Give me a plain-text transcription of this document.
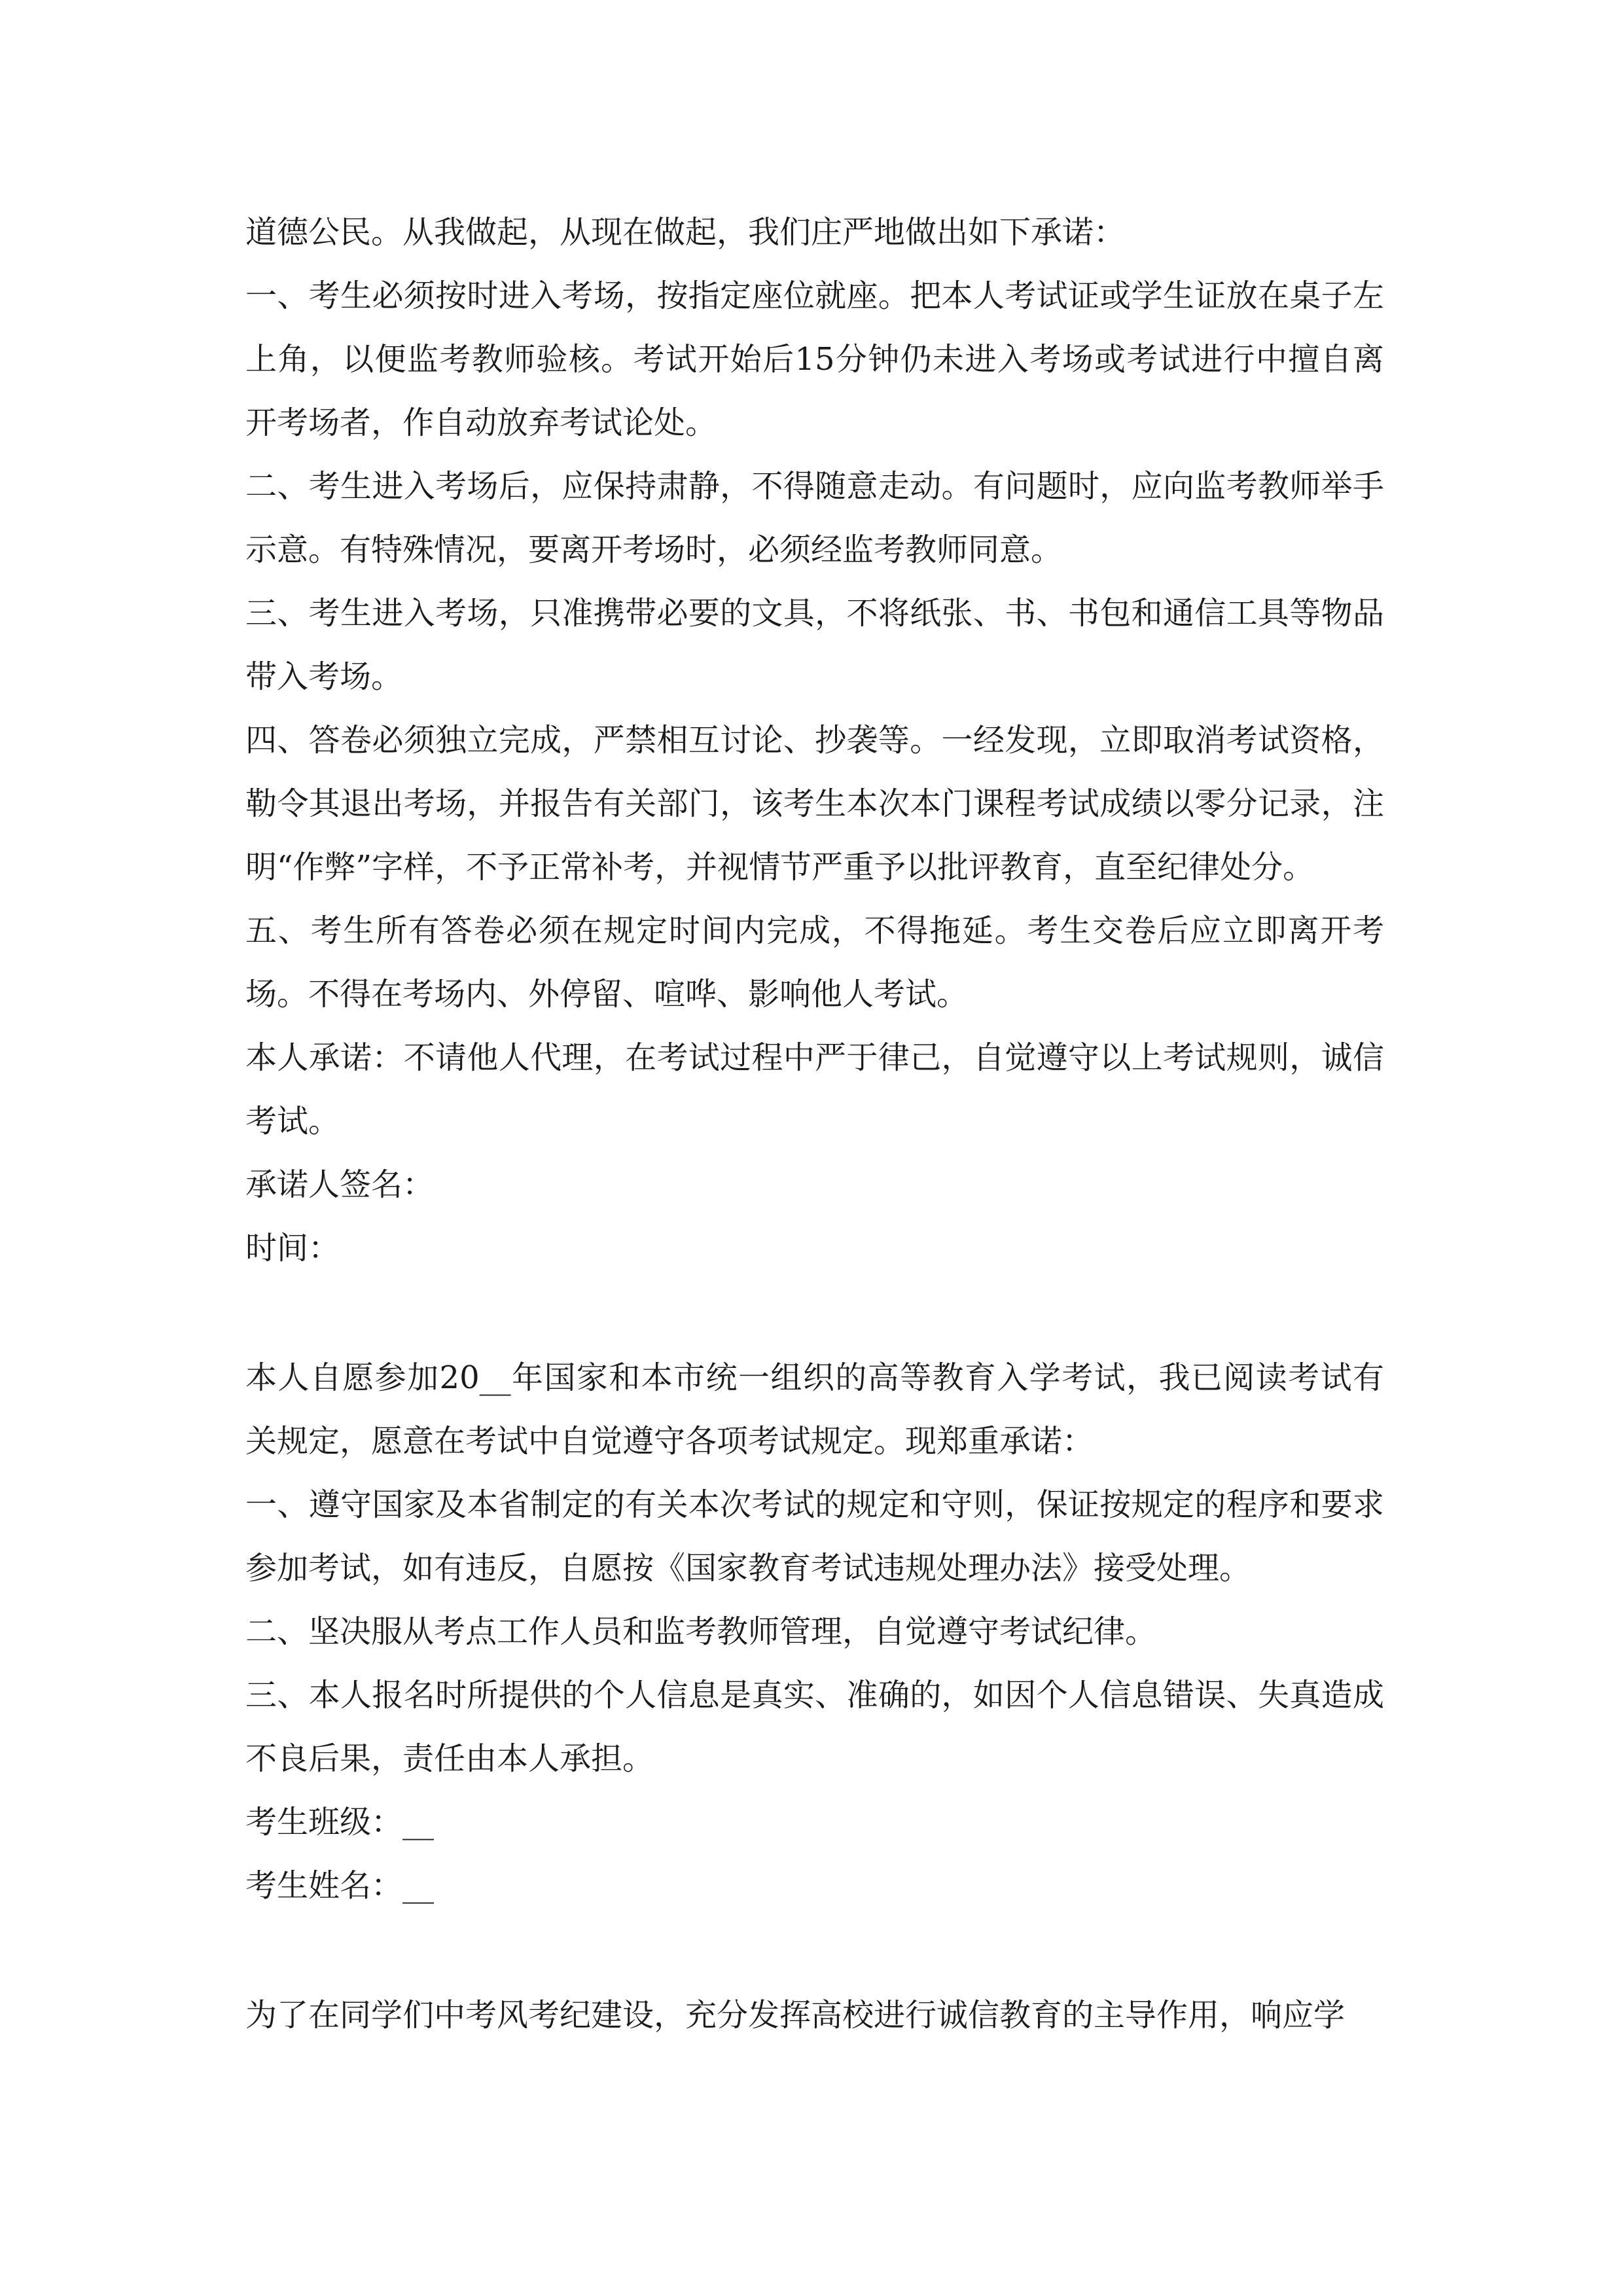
道德公民。从我做起，从现在做起，我们庄严地做出如下承诺：

一、考生必须按时进入考场，按指定座位就座。把本人考试证或学生证放在桌子左上角，以便监考教师验核。考试开始后15分钟仍未进入考场或考试进行中擅自离开考场者，作自动放弃考试论处。

二、考生进入考场后，应保持肃静，不得随意走动。有问题时，应向监考教师举手示意。有特殊情况，要离开考场时，必须经监考教师同意。

三、考生进入考场，只准携带必要的文具，不将纸张、书、书包和通信工具等物品带入考场。

四、答卷必须独立完成，严禁相互讨论、抄袭等。一经发现，立即取消考试资格，勒令其退出考场，并报告有关部门，该考生本次本门课程考试成绩以零分记录，注明“作弊”字样，不予正常补考，并视情节严重予以批评教育，直至纪律处分。

五、考生所有答卷必须在规定时间内完成，不得拖延。考生交卷后应立即离开考场。不得在考场内、外停留、喧哗、影响他人考试。

本人承诺：不请他人代理，在考试过程中严于律己，自觉遵守以上考试规则，诚信考试。

承诺人签名：

时间：

本人自愿参加20__年国家和本市统一组织的高等教育入学考试，我已阅读考试有关规定，愿意在考试中自觉遵守各项考试规定。现郑重承诺：

一、遵守国家及本省制定的有关本次考试的规定和守则，保证按规定的程序和要求参加考试，如有违反，自愿按《国家教育考试违规处理办法》接受处理。

二、坚决服从考点工作人员和监考教师管理，自觉遵守考试纪律。

三、本人报名时所提供的个人信息是真实、准确的，如因个人信息错误、失真造成不良后果，责任由本人承担。

考生班级：__

考生姓名：__

为了在同学们中考风考纪建设，充分发挥高校进行诚信教育的主导作用，响应学
